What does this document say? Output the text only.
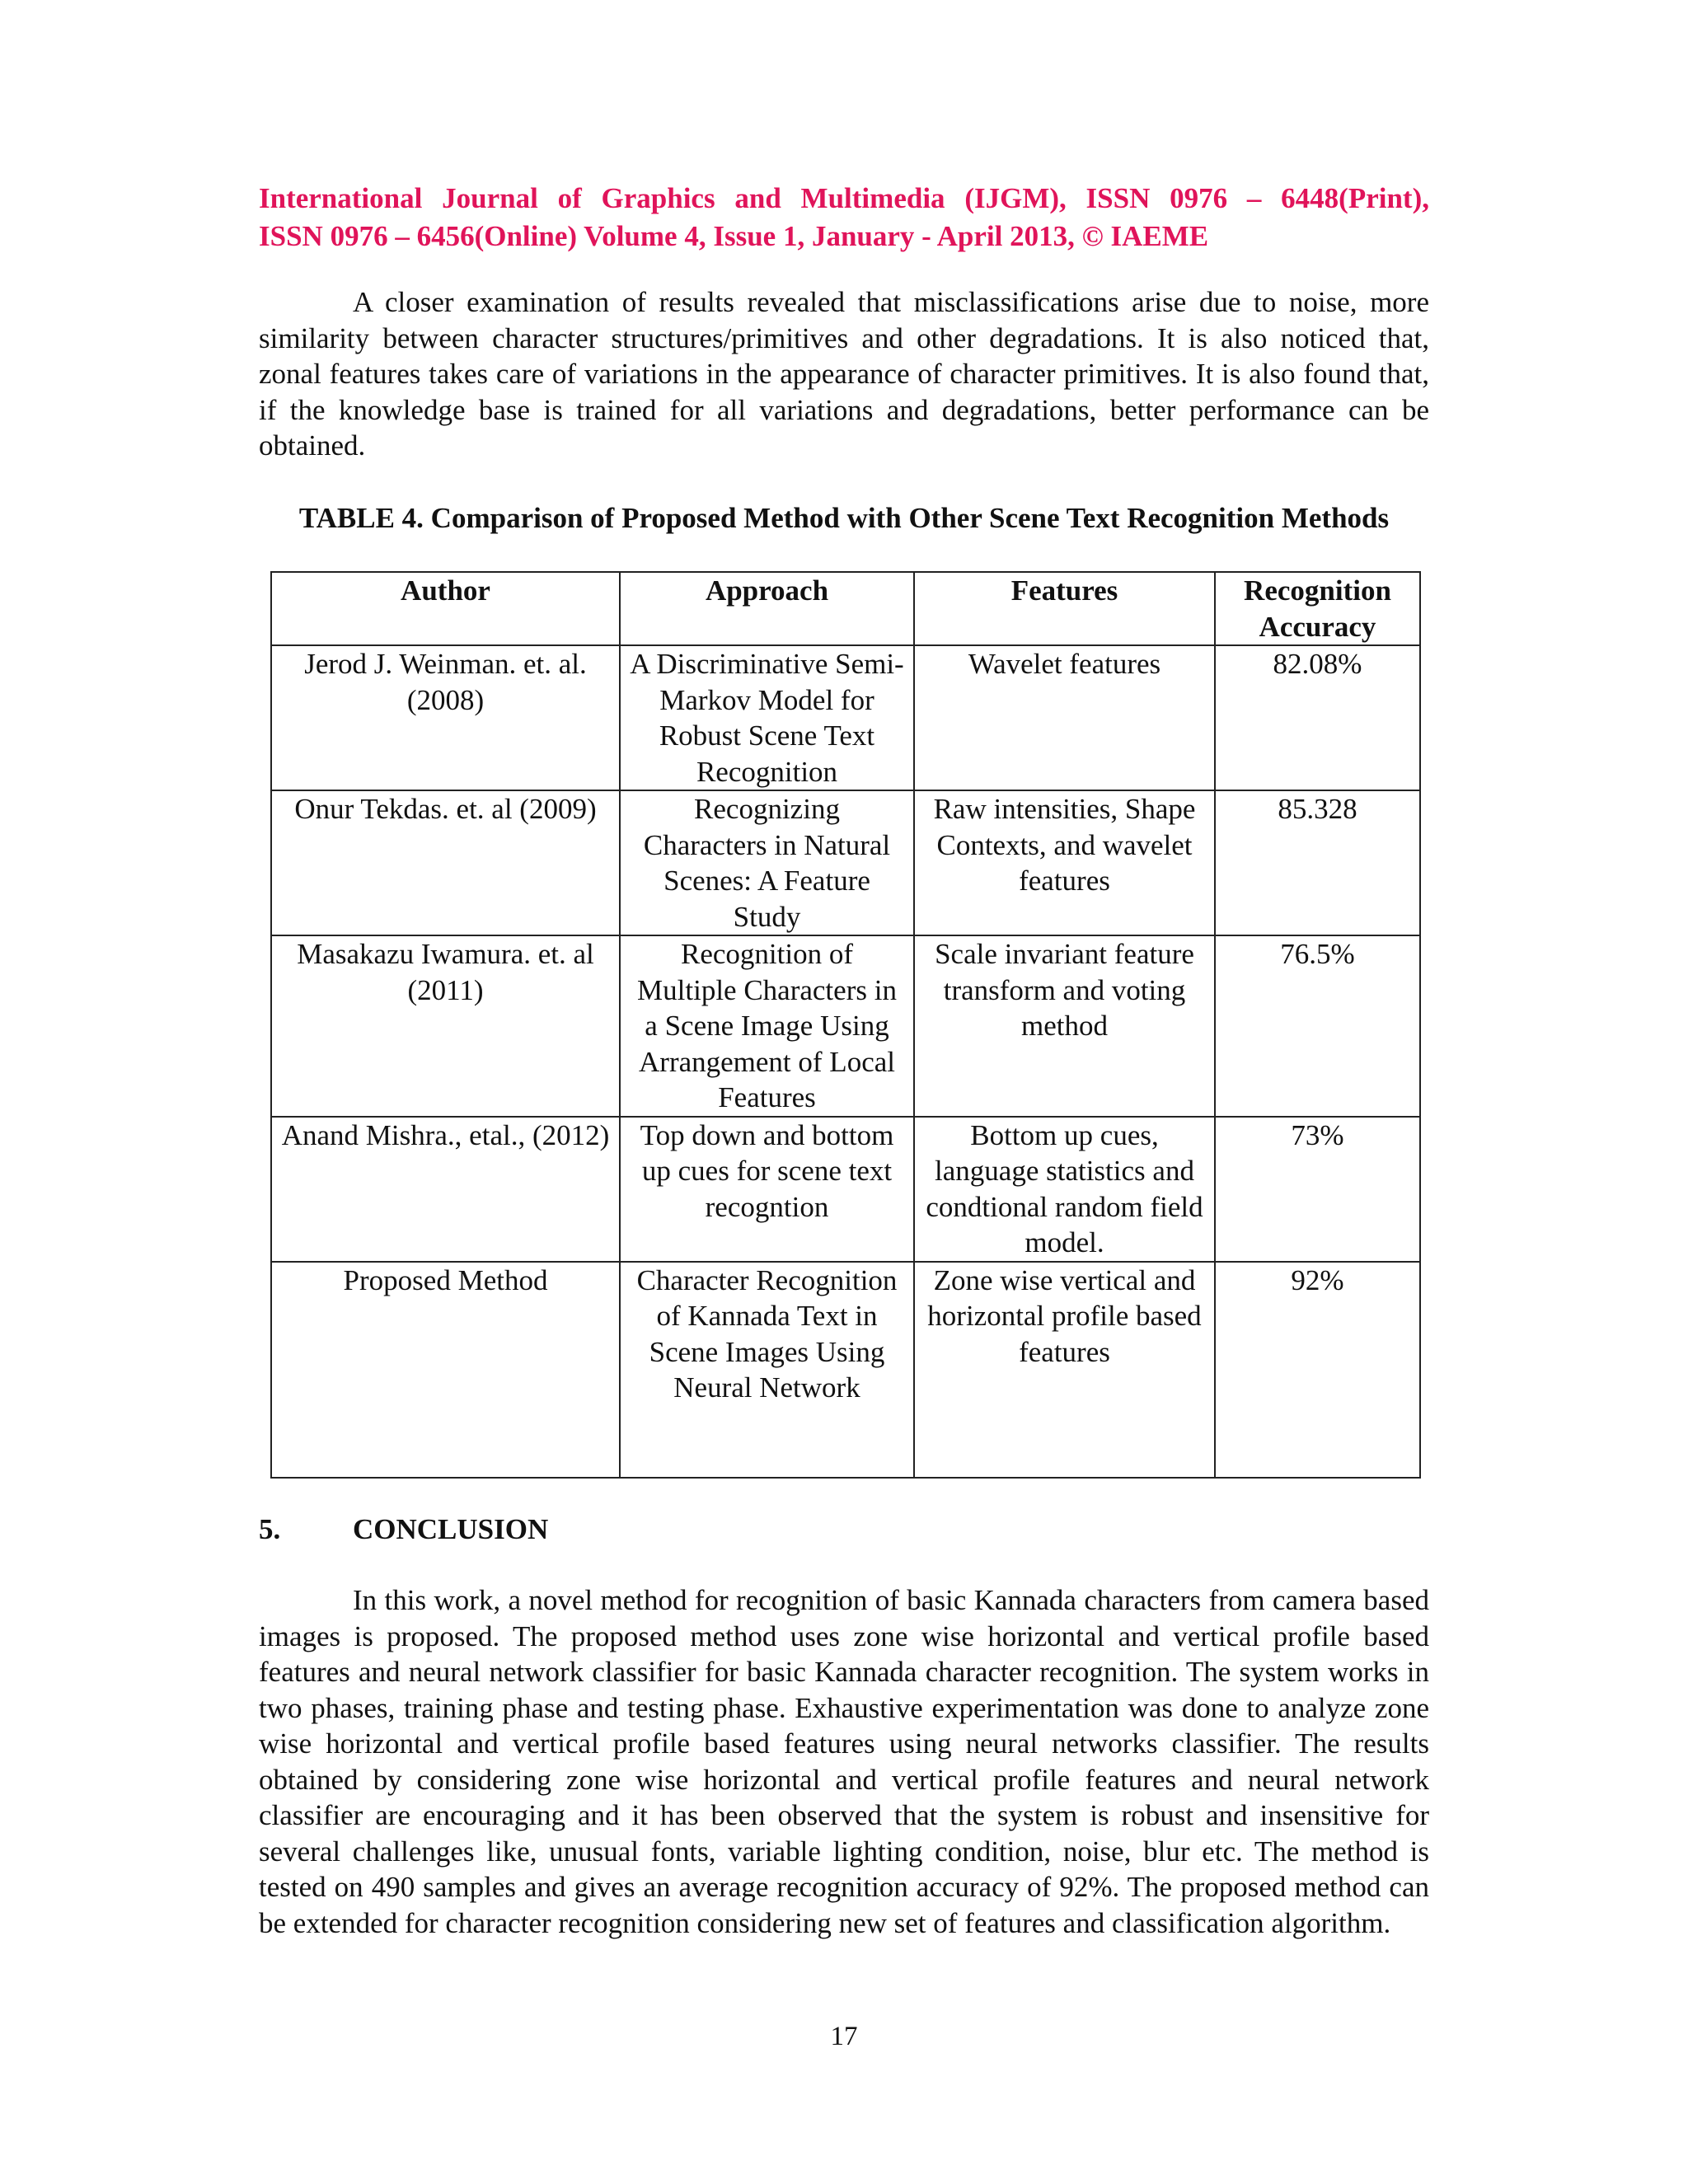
International Journal of Graphics and Multimedia (IJGM), ISSN 0976 – 6448(Print),
ISSN 0976 – 6456(Online) Volume 4, Issue 1, January - April 2013, © IAEME

A closer examination of results revealed that misclassifications arise due to noise, more similarity between character structures/primitives and other degradations. It is also noticed that, zonal features takes care of variations in the appearance of character primitives. It is also found that, if the knowledge base is trained for all variations and degradations, better performance can be obtained.

TABLE 4. Comparison of Proposed Method with Other Scene Text Recognition Methods
Author	Approach	Features	Recognition Accuracy
Jerod J. Weinman. et. al. (2008)	A Discriminative Semi-Markov Model for Robust Scene Text Recognition	Wavelet features	82.08%
Onur Tekdas. et. al (2009)	Recognizing Characters in Natural Scenes: A Feature Study	Raw intensities, Shape Contexts, and wavelet features	85.328
Masakazu Iwamura. et. al (2011)	Recognition of Multiple Characters in a Scene Image Using Arrangement of Local Features	Scale invariant feature transform and voting method	76.5%
Anand Mishra., etal., (2012)	Top down and bottom up cues for scene text recogntion	Bottom up cues, language statistics and condtional random field model.	73%
Proposed Method	Character Recognition of Kannada Text in Scene Images Using Neural Network	Zone wise vertical and horizontal profile based features	92%
5.	CONCLUSION

In this work, a novel method for recognition of basic Kannada characters from camera based images is proposed. The proposed method uses zone wise horizontal and vertical profile based features and neural network classifier for basic Kannada character recognition. The system works in two phases, training phase and testing phase. Exhaustive experimentation was done to analyze zone wise horizontal and vertical profile based features using neural networks classifier. The results obtained by considering zone wise horizontal and vertical profile features and neural network classifier are encouraging and it has been observed that the system is robust and insensitive for several challenges like, unusual fonts, variable lighting condition, noise, blur etc. The method is tested on 490 samples and gives an average recognition accuracy of 92%. The proposed method can be extended for character recognition considering new set of features and classification algorithm.

17
